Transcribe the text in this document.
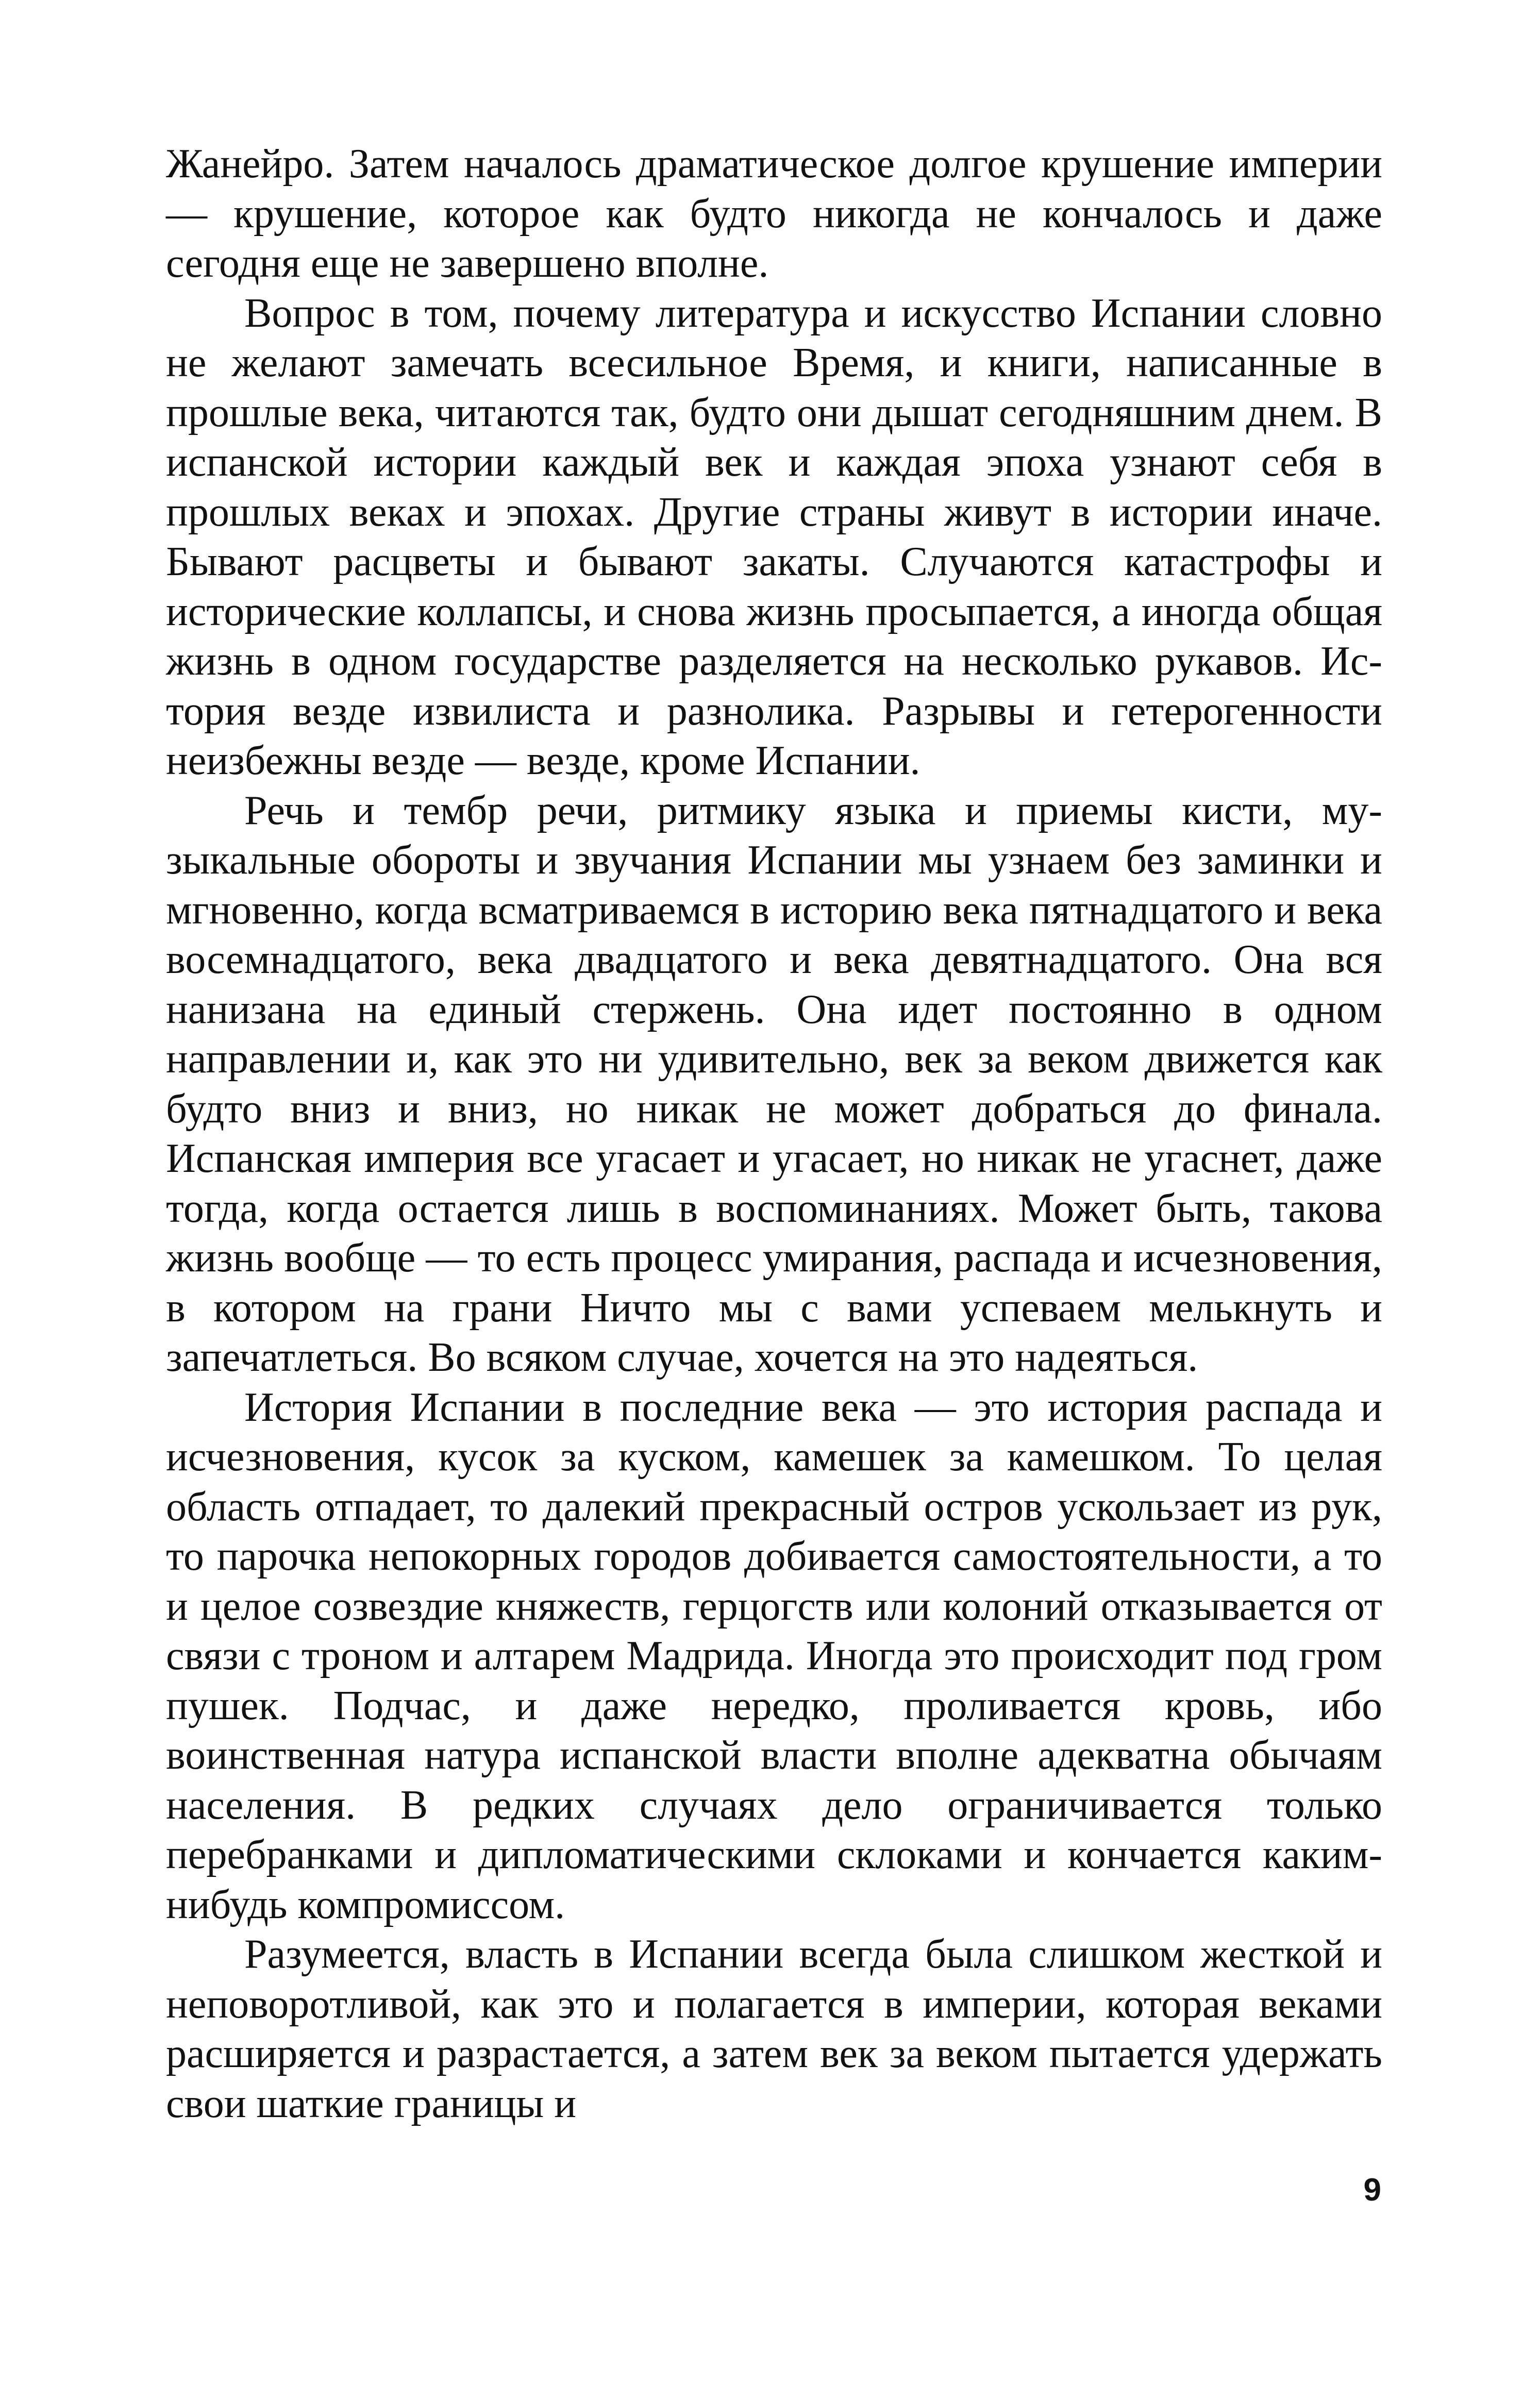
Жанейро. Затем началось драматическое долгое крушение империи — крушение, которое как будто никогда не кончалось и даже сегодня еще не завершено вполне.

Вопрос в том, почему литература и искусство Испании словно не желают замечать всесильное Время, и книги, написанные в прошлые века, читаются так, будто они дышат сегодняшним днем. В испанской истории каждый век и каждая эпоха узнают себя в прошлых веках и эпохах. Другие страны живут в истории иначе. Бывают расцветы и бывают закаты. Случаются катастрофы и исторические коллапсы, и снова жизнь просыпается, а иногда общая жизнь в одном государстве разделяется на несколько рукавов. История везде извилиста и разнолика. Разрывы и гетерогенности неизбежны везде — везде, кроме Испании.

Речь и тембр речи, ритмику языка и приемы кисти, музыкальные обороты и звучания Испании мы узнаем без заминки и мгновенно, когда всматриваемся в историю века пятнадцатого и века восемнадцатого, века двадцатого и века девятнадцатого. Она вся нанизана на единый стержень. Она идет постоянно в одном направлении и, как это ни удивительно, век за веком движется как будто вниз и вниз, но никак не может добраться до финала. Испанская империя все угасает и угасает, но никак не угаснет, даже тогда, когда остается лишь в воспоминаниях. Может быть, такова жизнь вообще — то есть процесс умирания, распада и исчезновения, в котором на грани Ничто мы с вами успеваем мелькнуть и запечатлеться. Во всяком случае, хочется на это надеяться.

История Испании в последние века — это история распада и исчезновения, кусок за куском, камешек за камешком. То целая область отпадает, то далекий прекрасный остров ускользает из рук, то парочка непокорных городов добивается самостоятельности, а то и целое созвездие княжеств, герцогств или колоний отказывается от связи с троном и алтарем Мадрида. Иногда это происходит под гром пушек. Подчас, и даже нередко, проливается кровь, ибо воинственная натура испанской власти вполне адекватна обычаям населения. В редких случаях дело ограничивается только перебранками и дипломатическими склоками и кончается каким-нибудь компромиссом.

Разумеется, власть в Испании всегда была слишком жесткой и неповоротливой, как это и полагается в империи, которая веками расширяется и разрастается, а затем век за веком пытается удержать свои шаткие границы и

9
